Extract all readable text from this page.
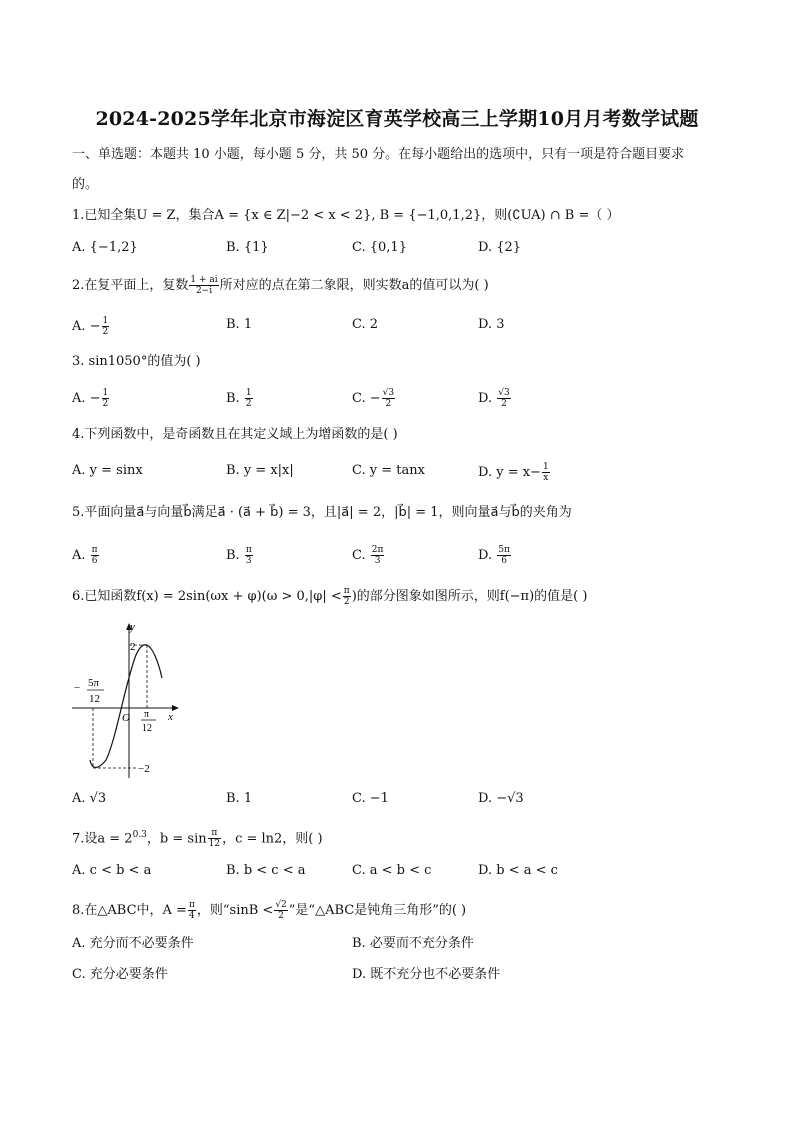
2024-2025学年北京市海淀区育英学校高三上学期10月月考数学试题
一、单选题：本题共 10 小题，每小题 5 分，共 50 分。在每小题给出的选项中，只有一项是符合题目要求
的。
1.已知全集U = Z，集合A = {x ∈ Z|−2 < x < 2}, B = {−1,0,1,2}，则(∁UA) ∩ B =（ ）
A. {−1,2}	B. {1}	C. {0,1}	D. {2}
2.在复平面上，复数 $\frac{1 + ai}{2-i}$ 所对应的点在第二象限，则实数a的值可以为( )
A. − $\frac{1}{2}$	B. 1	C. 2	D. 3
3. sin1050°的值为( )
A. − $\frac{1}{2}$	B. $\frac{1}{2}$	C. − $\frac{√3}{2}$	D. $\frac{√3}{2}$
4.下列函数中，是奇函数且在其定义域上为增函数的是( )
A. y = sinx	B. y = x|x|	C. y = tanx	D. $y = x- \frac{1}{x}$
5.平面向量a⃗与向量b⃗满足a⃗ · (a⃗ + b⃗) = 3，且|a⃗| = 2，|b⃗| = 1，则向量a⃗与b⃗的夹角为
A. $\frac{\pi}{6}$	B. $\frac{\pi}{3}$	C. $\frac{2\pi}{3}$	D. $\frac{5\pi}{6}$
6.已知函数$f(x) = 2\sin(\omega x + \varphi)(\omega > 0,|\varphi| < \frac{\pi}{2}$ )的部分图象如图所示，则f(−π)的值是( )
y
x
O
2
−2
− 5π
12
π
12
A. √3	B. 1	C. −1	D. −√3
7.设$a = 2^{0.3}$，$b = \sin \frac{\pi}{12}$ ，c = ln2，则( )
A. c < b < a	B. b < c < a	C. a < b < c	D. b < a < c
8.在△ABC中，$A = \frac{\pi}{4}$ ，则“$\sin B < \frac{√2}{2}$ ”是“△ABC是钝角三角形”的( )
A. 充分而不必要条件	B. 必要而不充分条件
C. 充分必要条件	D. 既不充分也不必要条件
